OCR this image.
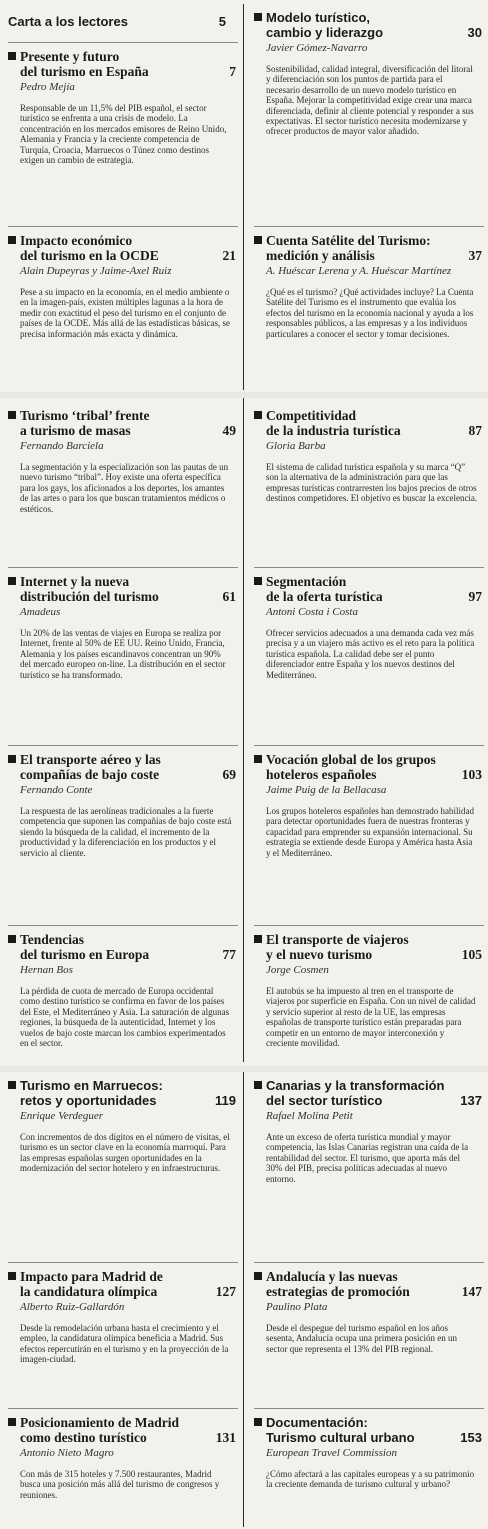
Carta a los lectores	5
Presente y futuro
del turismo en España	7
Pedro Mejía
Responsable de un 11,5% del PIB español, el sector turístico se enfrenta a una crisis de modelo. La concentración en los mercados emisores de Reino Unido, Alemania y Francia y la creciente competencia de Turquía, Croacia, Marruecos o Túnez como destinos exigen un cambio de estrategia.
Impacto económico
del turismo en la OCDE	21
Alain Dupeyras y Jaime-Axel Ruiz
Pese a su impacto en la economía, en el medio ambiente o en la imagen-país, existen múltiples lagunas a la hora de medir con exactitud el peso del turismo en el conjunto de países de la OCDE. Más allá de las estadísticas básicas, se precisa información más exacta y dinámica.
Turismo ‘tribal’ frente
a turismo de masas	49
Fernando Barciela
La segmentación y la especialización son las pautas de un nuevo turismo “tribal”. Hoy existe una oferta específica para los gays, los aficionados a los deportes, los amantes de las artes o para los que buscan tratamientos médicos o estéticos.
Internet y la nueva
distribución del turismo	61
Amadeus
Un 20% de las ventas de viajes en Europa se realiza por Internet, frente al 50% de EE UU. Reino Unido, Francia, Alemania y los países escandinavos concentran un 90% del mercado europeo on-line. La distribución en el sector turístico se ha transformado.
El transporte aéreo y las
compañías de bajo coste	69
Fernando Conte
La respuesta de las aerolíneas tradicionales a la fuerte competencia que suponen las compañías de bajo coste está siendo la búsqueda de la calidad, el incremento de la productividad y la diferenciación en los productos y el servicio al cliente.
Tendencias
del turismo en Europa	77
Hernan Bos
La pérdida de cuota de mercado de Europa occidental como destino turístico se confirma en favor de los países del Este, el Mediterráneo y Asia. La saturación de algunas regiones, la búsqueda de la autenticidad, Internet y los vuelos de bajo coste marcan los cambios experimentados en el sector.
Turismo en Marruecos:
retos y oportunidades	119
Enrique Verdeguer
Con incrementos de dos dígitos en el número de visitas, el turismo es un sector clave en la economía marroquí. Para las empresas españolas surgen oportunidades en la modernización del sector hotelero y en infraestructuras.
Impacto para Madrid de
la candidatura olímpica	127
Alberto Ruiz-Gallardón
Desde la remodelación urbana hasta el crecimiento y el empleo, la candidatura olímpica beneficia a Madrid. Sus efectos repercutirán en el turismo y en la proyección de la imagen-ciudad.
Posicionamiento de Madrid
como destino turístico	131
Antonio Nieto Magro
Con más de 315 hoteles y 7.500 restaurantes, Madrid busca una posición más allá del turismo de congresos y reuniones.
Modelo turístico,
cambio y liderazgo	30
Javier Gómez-Navarro
Sostenibilidad, calidad integral, diversificación del litoral y diferenciación son los puntos de partida para el necesario desarrollo de un nuevo modelo turístico en España. Mejorar la competitividad exige crear una marca diferenciada, definir al cliente potencial y responder a sus expectativas. El sector turístico necesita modernizarse y ofrecer productos de mayor valor añadido.
Cuenta Satélite del Turismo:
medición y análisis	37
A. Huéscar Lerena y A. Huéscar Martínez
¿Qué es el turismo? ¿Qué actividades incluye? La Cuenta Satélite del Turismo es el instrumento que evalúa los efectos del turismo en la economía nacional y ayuda a los responsables públicos, a las empresas y a los individuos particulares a conocer el sector y tomar decisiones.
Competitividad
de la industria turística	87
Gloria Barba
El sistema de calidad turística española y su marca “Q” son la alternativa de la administración para que las empresas turísticas contrarresten los bajos precios de otros destinos competidores. El objetivo es buscar la excelencia.
Segmentación
de la oferta turística	97
Antoni Costa i Costa
Ofrecer servicios adecuados a una demanda cada vez más precisa y a un viajero más activo es el reto para la política turística española. La calidad debe ser el punto diferenciador entre España y los nuevos destinos del Mediterráneo.
Vocación global de los grupos
hoteleros españoles	103
Jaime Puig de la Bellacasa
Los grupos hoteleros españoles han demostrado habilidad para detectar oportunidades fuera de nuestras fronteras y capacidad para emprender su expansión internacional. Su estrategia se extiende desde Europa y América hasta Asia y el Mediterráneo.
El transporte de viajeros
y el nuevo turismo	105
Jorge Cosmen
El autobús se ha impuesto al tren en el transporte de viajeros por superficie en España. Con un nivel de calidad y servicio superior al resto de la UE, las empresas españolas de transporte turístico están preparadas para competir en un entorno de mayor interconexión y creciente movilidad.
Canarias y la transformación
del sector turístico	137
Rafael Molina Petit
Ante un exceso de oferta turística mundial y mayor competencia, las Islas Canarias registran una caída de la rentabilidad del sector. El turismo, que aporta más del 30% del PIB, precisa políticas adecuadas al nuevo entorno.
Andalucía y las nuevas
estrategias de promoción	147
Paulino Plata
Desde el despegue del turismo español en los años sesenta, Andalucía ocupa una primera posición en un sector que representa el 13% del PIB regional.
Documentación:
Turismo cultural urbano	153
European Travel Commission
¿Cómo afectará a las capitales europeas y a su patrimonio la creciente demanda de turismo cultural y urbano?
